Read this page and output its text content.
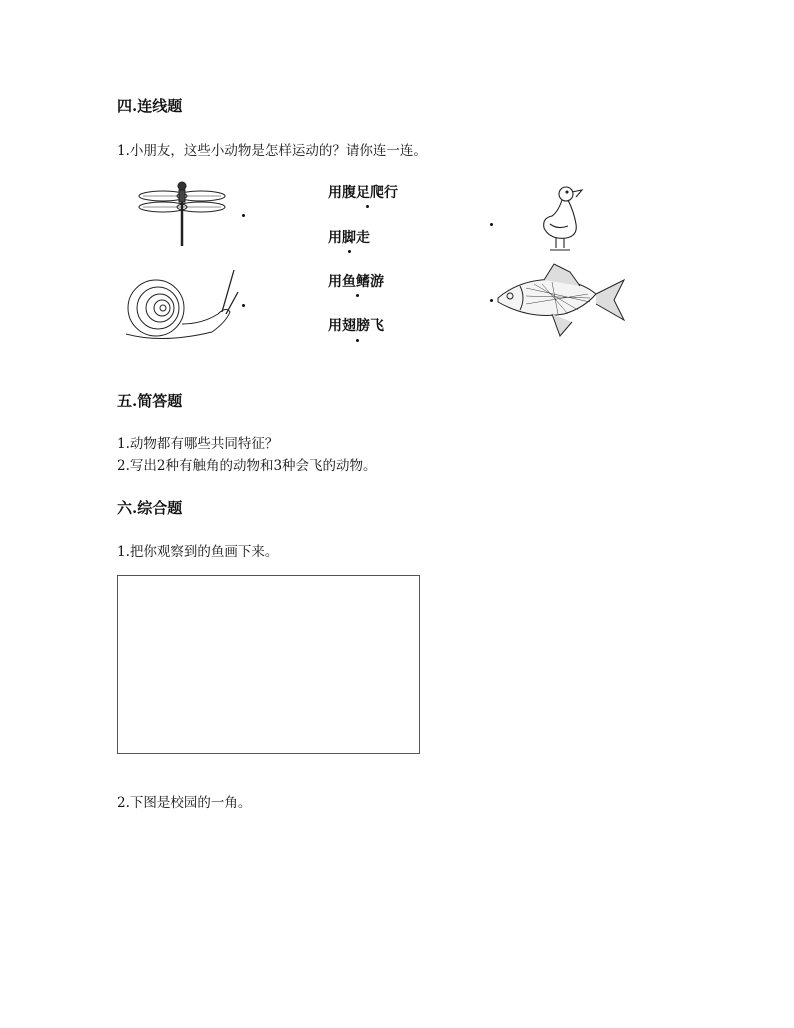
四.连线题
1.小朋友，这些小动物是怎样运动的？请你连一连。
用腹足爬行
用脚走
用鱼鳍游
用翅膀飞
五.简答题
1.动物都有哪些共同特征？
2.写出2种有触角的动物和3种会飞的动物。
六.综合题
1.把你观察到的鱼画下来。
2.下图是校园的一角。
